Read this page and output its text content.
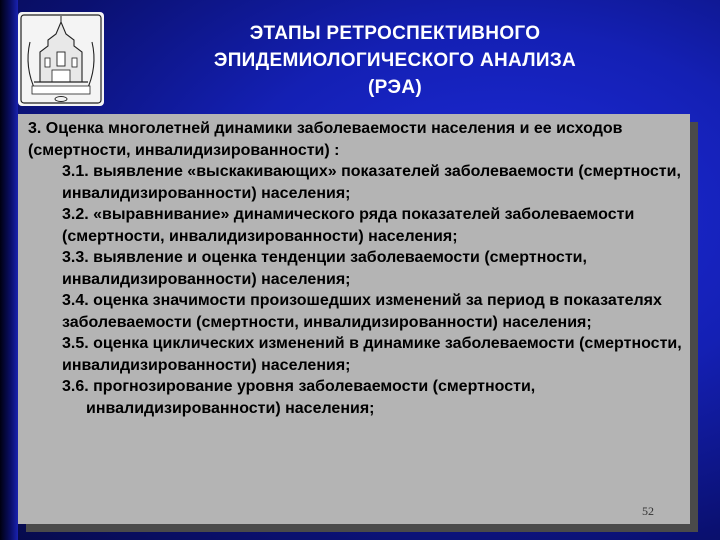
ЭТАПЫ РЕТРОСПЕКТИВНОГО
ЭПИДЕМИОЛОГИЧЕСКОГО АНАЛИЗА
(РЭА)

3. Оценка многолетней динамики заболеваемости населения и ее исходов (смертности, инвалидизированности) :

3.1. выявление «выскакивающих» показателей заболеваемости (смертности, инвалидизированности) населения;

3.2. «выравнивание» динамического ряда показателей заболеваемости (смертности, инвалидизированности) населения;

3.3. выявление и оценка тенденции заболеваемости (смертности, инвалидизированности) населения;

3.4. оценка значимости произошедших изменений за период в показателях заболеваемости (смертности, инвалидизированности) населения;

3.5. оценка циклических изменений в динамике заболеваемости (смертности, инвалидизированности) населения;

3.6. прогнозирование уровня заболеваемости (смертности,
инвалидизированности) населения;

52
